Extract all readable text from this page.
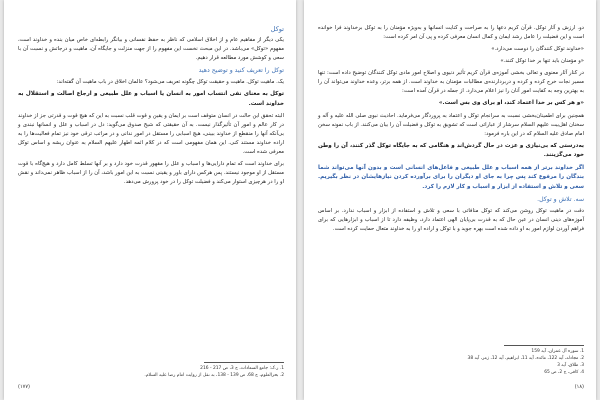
دو. ارزش و آثار توکل. قرآن کریم دعها را به صراحت و کنایت انسانها و به‌ویژه مؤمنان را به توکل برخداوند فرا خوانده است و این فضیلت را عامل رشد ایمان و کمال انسان معرفی کرده و پی آن امر کرده است:

«خداوند توکل کنندگان را دوست می‌دارد.»

«و مؤمنان باید تنها بر خدا توکل کنند.»

در کنار آثار معنوی و تعالی بخشی آموزه‌ی قرآن کریم تأثیر دنیوی و اصلاح امور مادی توکل کنندگان توضیح داده است: تنها مسیر نجات خرج کرده و کرده و دربردارنده‌ی مطالبات مؤمنان به خداوند است. از همه برتر، وعده خداوند می‌تواند آن را به بهترین وجه به کفایت امور آنان را نیز اعلام می‌دارد. از جمله در قرآن آمده است:

«و هر کس بر خدا اعتماد کند، او برای وی بس است.»

همچنین برای اطمینان‌بخشی نسبت به سرانجام توکل و اعتماد به پروردگار می‌فرماید. احادیث نبوی صلی الله علیه و آله و سخنان اهل‌بیت علیهم السلام سرشار از عباراتی است که تشویق به توکل و فضیلت آن را بیان می‌کنند. از باب نمونه سخن امام صادق علیه السلام که در این باره فرمود:

به‌درستی که بی‌نیازی و عزت در حال گردش‌اند و هنگامی که به جایگاه توکل گذر کنند، آن را وطن خود می‌گزینند.

اگر خداوند برتر از همه اسباب و علل طبیعی و فاعل‌های انسانی است و بدون آنها می‌تواند شما بندگان را مرفوع کند پس چرا به جای او دیگران را برای برآورده کردن نیازهایشان در نظر بگیریم. سعی و تلاش و استفاده از ابزار و اسباب و کار لازم را کرد.

سه. تلاش و توکل.

دقت در ماهیت توکل روشن می‌کند که توکل منافاتی با سعی و تلاش و استفاده از ابزار و اسباب ندارد. بر اساس آموزه‌های دینی انسان در عین حال که به قدرت بی‌پایان الهی اعتماد دارد، وظیفه دارد تا از اسباب و ابزارهایی که برای فراهم آوردن لوازم امور به او داده شده است بهره جوید و با توکل و اراده او را به خداوند متعال حمایت کرده است.

1. سوره آل عمران، آیه 159

2. مجادله، آیه 122، مائده، آیه 11، ابراهیم، آیه 12، زمر، آیه 38

3. طلاق، آیه 3

4. کافی، ج 2، ص 65

(۱۸)

توکل

یکی دیگر از مفاهیم عام و از اخلاق اسلامی که ناظر به حفظ نفسانی و بیانگر رابطه‌ای خاص میان بنده و خداوند است، مفهوم «توکل» می‌باشد. در این مبحث نخست این مفهوم را از جهت منزلت و جایگاه آن، ماهیت و درجاتش و نسبت آن با سعی و کوشش مورد مطالعه قرار دهیم.

توکل را تعریف کنید و توضیح دهید

یک. ماهیت توکل. ماهیت و حقیقت توکل چگونه تعریف می‌شود؟ عالمان اخلاق در باب ماهیت آن گفته‌اند:

توکل به معنای نفی انتساب امور به انسان یا اسباب و علل طبیعی و ارجاع اصالت و استقلال به خداوند است.

البته تحقق این حالت در انسان متوقف است بر ایمان و یقین و قوت قلب نسبت به این که هیچ قوت و قدرتی جز از خداوند در کار عالم و امور آن تأثیرگذار نیست. به آن حقیقتی که شیخ صدوق می‌گوید: دل در اسباب و علل و انسانها نبندی و بی‌آنکه آنها را منقطع از خداوند ببینی، هیچ اسبابی را مستقل در امور ندانی و در مراتب ترقی خود نیز تمام فعالیت‌ها را به اراده خداوند مستند کنی. این همان مفهومی است که در کلام ائمه اطهار علیهم السلام به عنوان ریشه و اساس توکل معرفی شده است.

برای خداوند است که تمام دارایی‌ها و اسباب و علل را مقهور قدرت خود دارد و بر آنها تسلط کامل دارد و هیچ‌گاه با قوت مستقل از او موجود نیستند. پس هرکس دارای باور و یقینی نسبت به این امور باشد، آن را از اسباب ظاهر نمی‌داند و نقش او را در هرچیزی استوار می‌کند و فضیلت توکل را در خود پرورش می‌دهد.

1. ر.ک: جامع السعادات، ج 3، ص 217 - 216

2. بحرالعلوم، ج 68، ص 139 - 138، به نقل از روایت امام رضا علیه السلام.

(۱۷۷)
